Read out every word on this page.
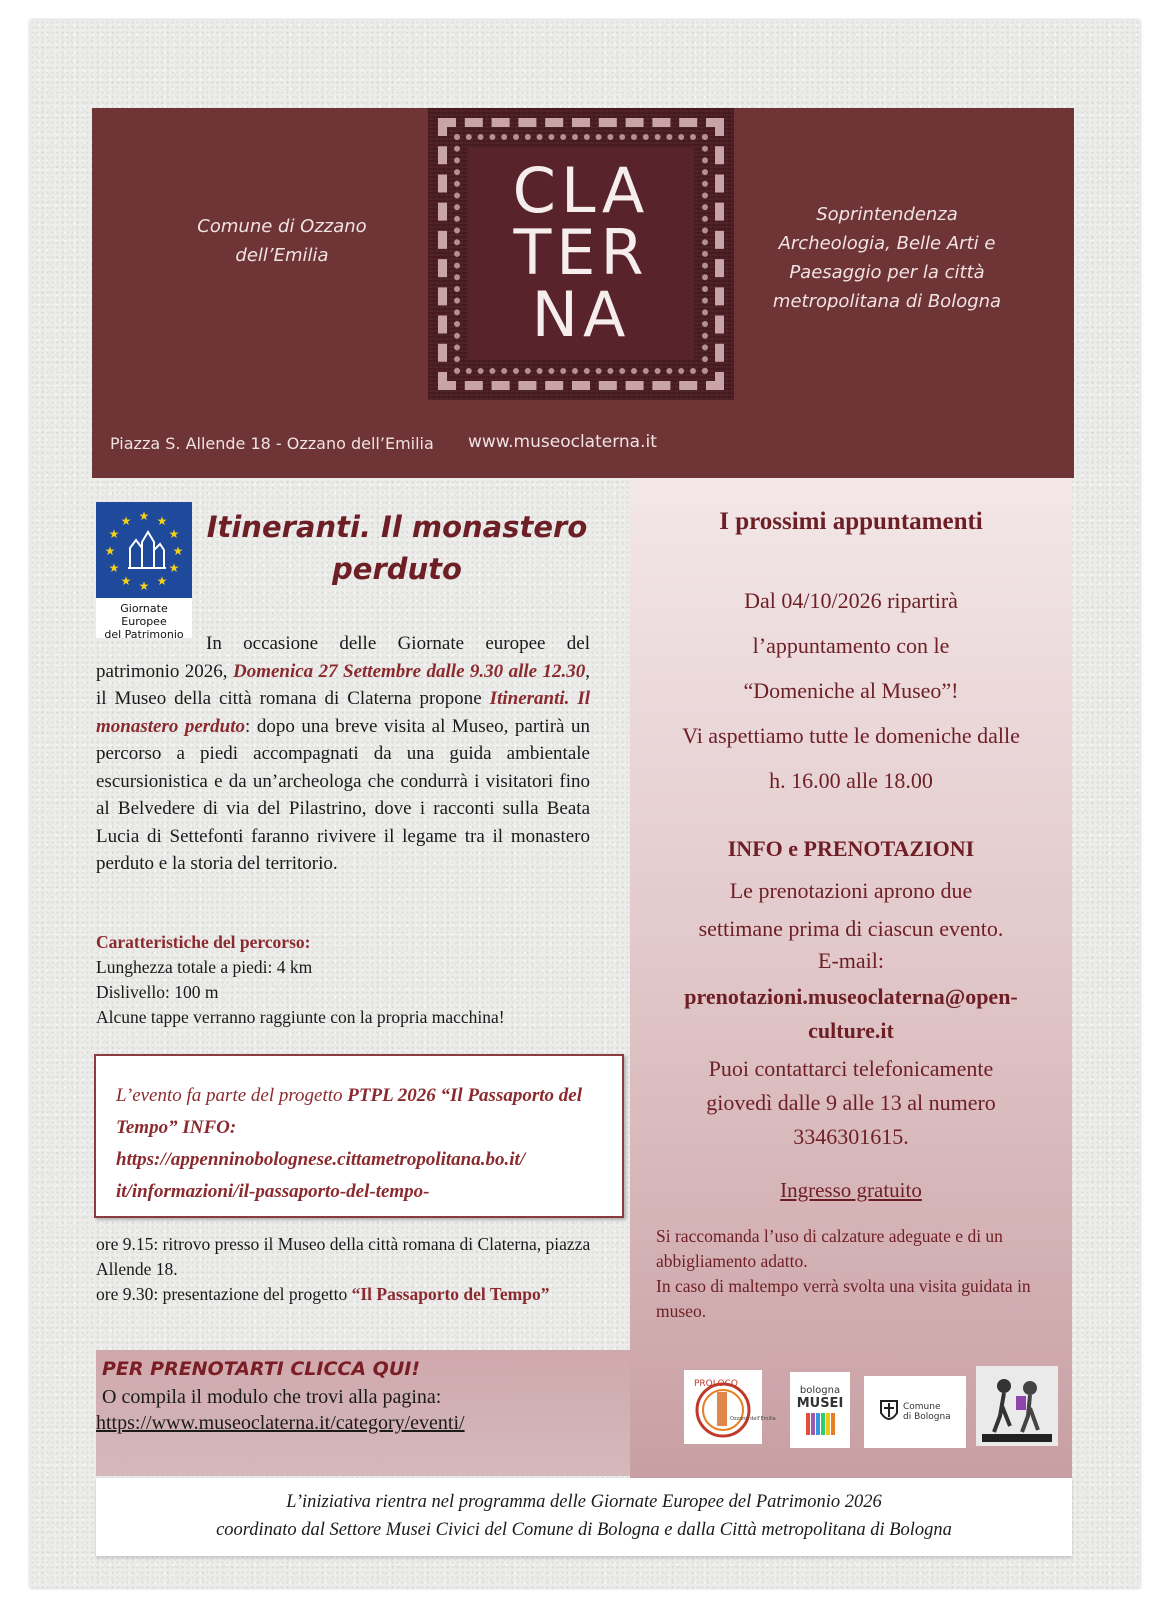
Comune di Ozzano
dell’Emilia
CLA
TER
NA
Soprintendenza
Archeologia, Belle Arti e
Paesaggio per la città
metropolitana di Bologna
Piazza S. Allende 18 - Ozzano dell’Emilia www.museoclaterna.it
I prossimi appuntamenti
Dal 04/10/2026 ripartirà
l’appuntamento con le
“Domeniche al Museo”!
Vi aspettiamo tutte le domeniche dalle
h. 16.00 alle 18.00
INFO e PRENOTAZIONI
Le prenotazioni aprono due
settimane prima di ciascun evento.
E-mail:
prenotazioni.museoclaterna@open-
culture.it
Puoi contattarci telefonicamente
giovedì dalle 9 alle 13 al numero
3346301615.
Ingresso gratuito
Si raccomanda l’uso di calzature adeguate e di un abbigliamento adatto.
In caso di maltempo verrà svolta una visita guidata in museo.
PROLOCO
Ozzano dell'Emilia
bologna
MUSEI	Comune di Bologna
★ ★
★
★
★
★
★
★
★
★
★
★
Giornate Europee
del Patrimonio
Itineranti. Il monastero
perduto
In occasione delle Giornate europee del patrimonio 2026, Domenica 27 Settembre dalle 9.30 alle 12.30, il Museo della città romana di Claterna propone Itineranti. Il monastero perduto: dopo una breve visita al Museo, partirà un percorso a piedi accompagnati da una guida ambientale escursionistica e da un’archeologa che condurrà i visitatori fino al Belvedere di via del Pilastrino, dove i racconti sulla Beata Lucia di Settefonti faranno rivivere il legame tra il monastero perduto e la storia del territorio.
Caratteristiche del percorso:
Lunghezza totale a piedi: 4 km
Dislivello: 100 m
Alcune tappe verranno raggiunte con la propria macchina!
L’evento fa parte del progetto PTPL 2026 “Il Passaporto del Tempo” INFO:
https://appenninobolognese.cittametropolitana.bo.it/
it/informazioni/il-passaporto-del-tempo-
ore 9.15: ritrovo presso il Museo della città romana di Claterna, piazza Allende 18.
ore 9.30: presentazione del progetto “Il Passaporto del Tempo”
PER PRENOTARTI CLICCA QUI!
O compila il modulo che trovi alla pagina:
https://www.museoclaterna.it/category/eventi/
L’iniziativa rientra nel programma delle Giornate Europee del Patrimonio 2026
coordinato dal Settore Musei Civici del Comune di Bologna e dalla Città metropolitana di Bologna
